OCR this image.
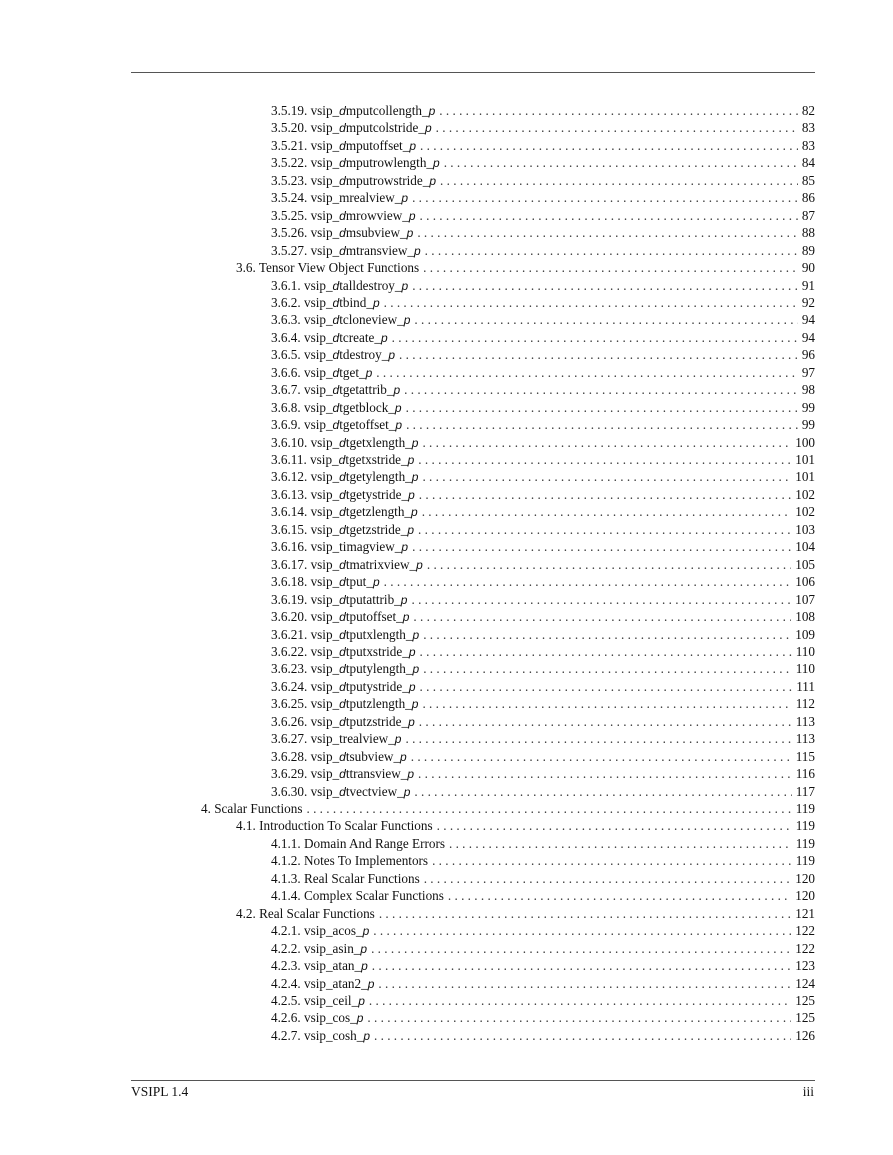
3.5.19. vsip_dmputcollength_p . . .	82
3.5.20. vsip_dmputcolstride_p . . .	83
3.5.21. vsip_dmputoffset_p . . .	83
3.5.22. vsip_dmputrowlength_p . . .	84
3.5.23. vsip_dmputrowstride_p . . .	85
3.5.24. vsip_mrealview_p . . .	86
3.5.25. vsip_dmrowview_p . . .	87
3.5.26. vsip_dmsubview_p . . .	88
3.5.27. vsip_dmtransview_p . . .	89
3.6. Tensor View Object Functions . . .	90
3.6.1. vsip_dtalldestroy_p . . .	91
3.6.2. vsip_dtbind_p . . .	92
3.6.3. vsip_dtcloneview_p . . .	94
3.6.4. vsip_dtcreate_p . . .	94
3.6.5. vsip_dtdestroy_p . . .	96
3.6.6. vsip_dtget_p . . .	97
3.6.7. vsip_dtgetattrib_p . . .	98
3.6.8. vsip_dtgetblock_p . . .	99
3.6.9. vsip_dtgetoffset_p . . .	99
3.6.10. vsip_dtgetxlength_p . . .	100
3.6.11. vsip_dtgetxstride_p . . .	101
3.6.12. vsip_dtgetylength_p . . .	101
3.6.13. vsip_dtgetystride_p . . .	102
3.6.14. vsip_dtgetzlength_p . . .	102
3.6.15. vsip_dtgetzstride_p . . .	103
3.6.16. vsip_timagview_p . . .	104
3.6.17. vsip_dtmatrixview_p . . .	105
3.6.18. vsip_dtput_p . . .	106
3.6.19. vsip_dtputattrib_p . . .	107
3.6.20. vsip_dtputoffset_p . . .	108
3.6.21. vsip_dtputxlength_p . . .	109
3.6.22. vsip_dtputxstride_p . . .	110
3.6.23. vsip_dtputylength_p . . .	110
3.6.24. vsip_dtputystride_p . . .	111
3.6.25. vsip_dtputzlength_p . . .	112
3.6.26. vsip_dtputzstride_p . . .	113
3.6.27. vsip_trealview_p . . .	113
3.6.28. vsip_dtsubview_p . . .	115
3.6.29. vsip_dttransview_p . . .	116
3.6.30. vsip_dtvectview_p . . .	117
4. Scalar Functions . . .	119
4.1. Introduction To Scalar Functions . . .	119
4.1.1. Domain And Range Errors . . .	119
4.1.2. Notes To Implementors . . .	119
4.1.3. Real Scalar Functions . . .	120
4.1.4. Complex Scalar Functions . . .	120
4.2. Real Scalar Functions . . .	121
4.2.1. vsip_acos_p . . .	122
4.2.2. vsip_asin_p . . .	122
4.2.3. vsip_atan_p . . .	123
4.2.4. vsip_atan2_p . . .	124
4.2.5. vsip_ceil_p . . .	125
4.2.6. vsip_cos_p . . .	125
4.2.7. vsip_cosh_p . . .	126
VSIPL 1.4	iii
